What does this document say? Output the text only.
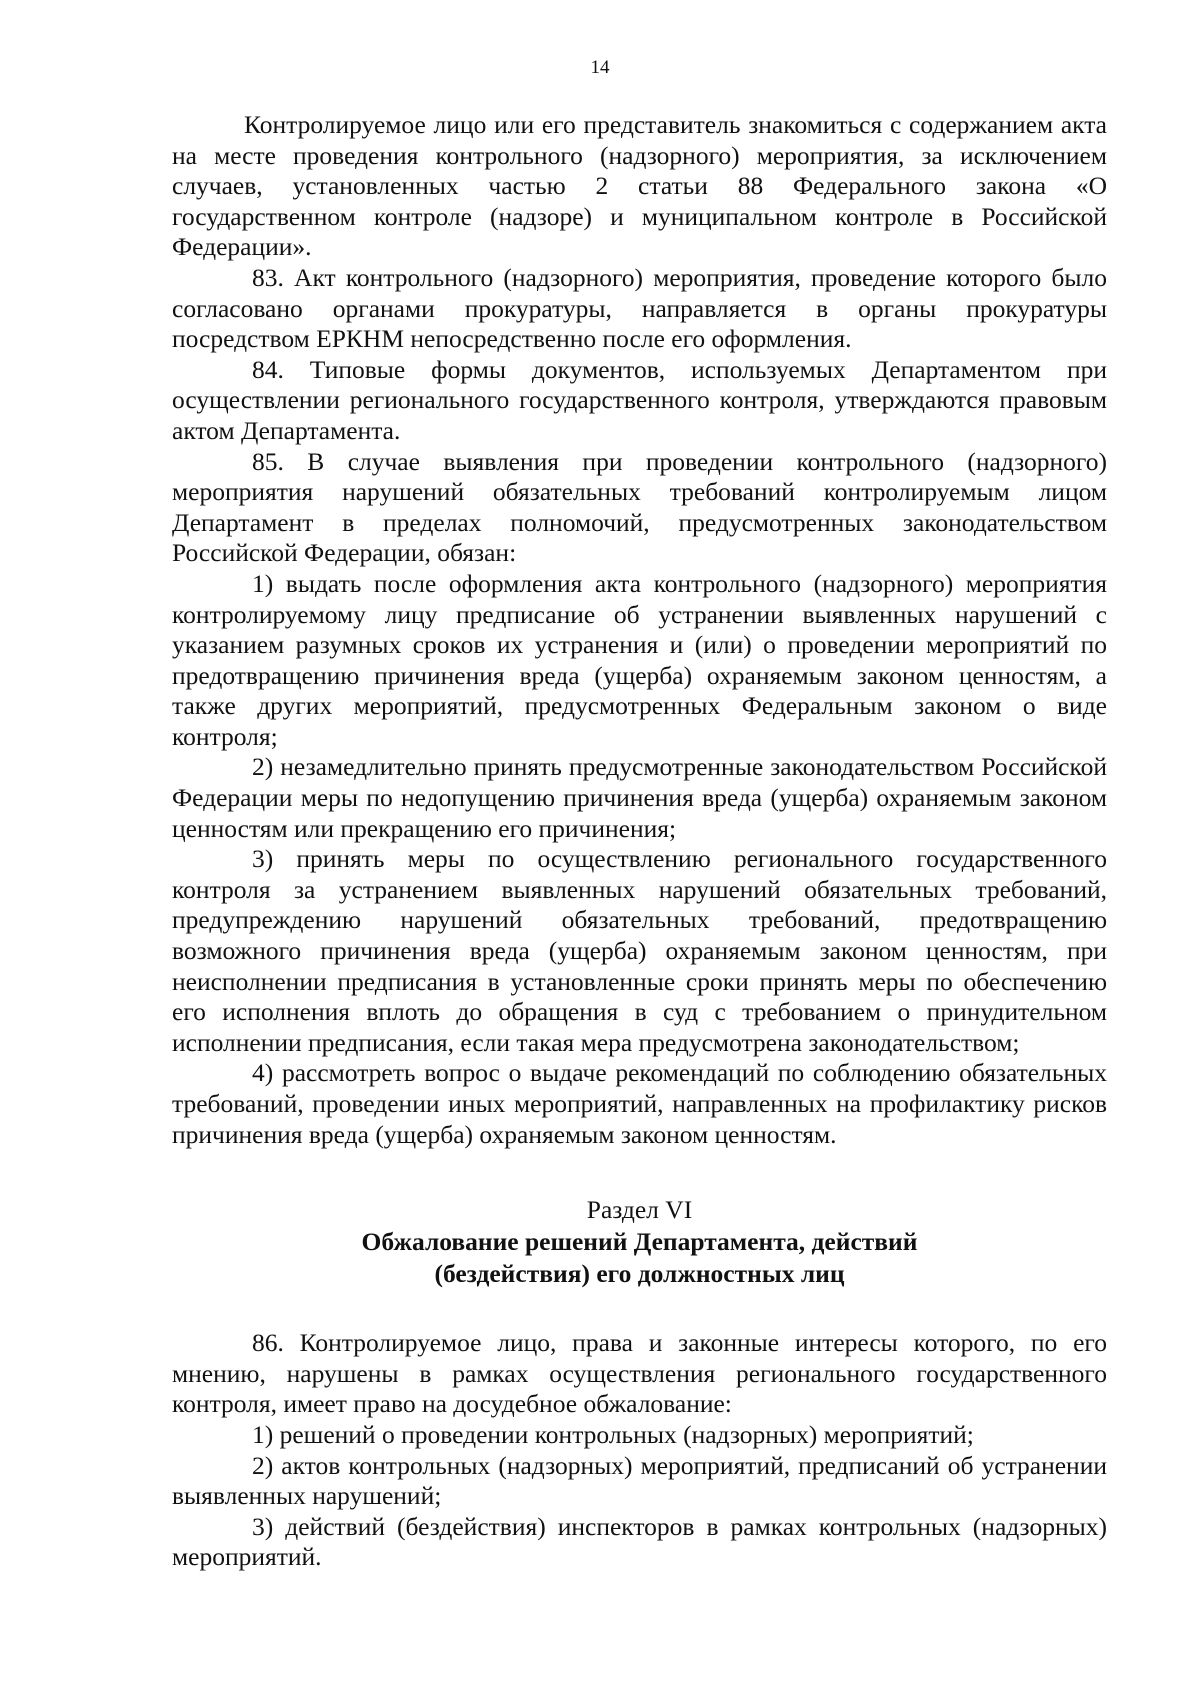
14

Контролируемое лицо или его представитель знакомиться с содержанием акта на месте проведения контрольного (надзорного) мероприятия, за исключением случаев, установленных частью 2 статьи 88 Федерального закона «О государственном контроле (надзоре) и муниципальном контроле в Российской Федерации».

83. Акт контрольного (надзорного) мероприятия, проведение которого было согласовано органами прокуратуры, направляется в органы прокуратуры посредством ЕРКНМ непосредственно после его оформления.

84. Типовые формы документов, используемых Департаментом при осуществлении регионального государственного контроля, утверждаются правовым актом Департамента.

85. В случае выявления при проведении контрольного (надзорного) мероприятия нарушений обязательных требований контролируемым лицом Департамент в пределах полномочий, предусмотренных законодательством Российской Федерации, обязан:

1) выдать после оформления акта контрольного (надзорного) мероприятия контролируемому лицу предписание об устранении выявленных нарушений с указанием разумных сроков их устранения и (или) о проведении мероприятий по предотвращению причинения вреда (ущерба) охраняемым законом ценностям, а также других мероприятий, предусмотренных Федеральным законом о виде контроля;

2) незамедлительно принять предусмотренные законодательством Российской Федерации меры по недопущению причинения вреда (ущерба) охраняемым законом ценностям или прекращению его причинения;

3) принять меры по осуществлению регионального государственного контроля за устранением выявленных нарушений обязательных требований, предупреждению нарушений обязательных требований, предотвращению возможного причинения вреда (ущерба) охраняемым законом ценностям, при неисполнении предписания в установленные сроки принять меры по обеспечению его исполнения вплоть до обращения в суд с требованием о принудительном исполнении предписания, если такая мера предусмотрена законодательством;

4) рассмотреть вопрос о выдаче рекомендаций по соблюдению обязательных требований, проведении иных мероприятий, направленных на профилактику рисков причинения вреда (ущерба) охраняемым законом ценностям.

Раздел VI
Обжалование решений Департамента, действий
(бездействия) его должностных лиц

86. Контролируемое лицо, права и законные интересы которого, по его мнению, нарушены в рамках осуществления регионального государственного контроля, имеет право на досудебное обжалование:

1) решений о проведении контрольных (надзорных) мероприятий;

2) актов контрольных (надзорных) мероприятий, предписаний об устранении выявленных нарушений;

3) действий (бездействия) инспекторов в рамках контрольных (надзорных) мероприятий.
